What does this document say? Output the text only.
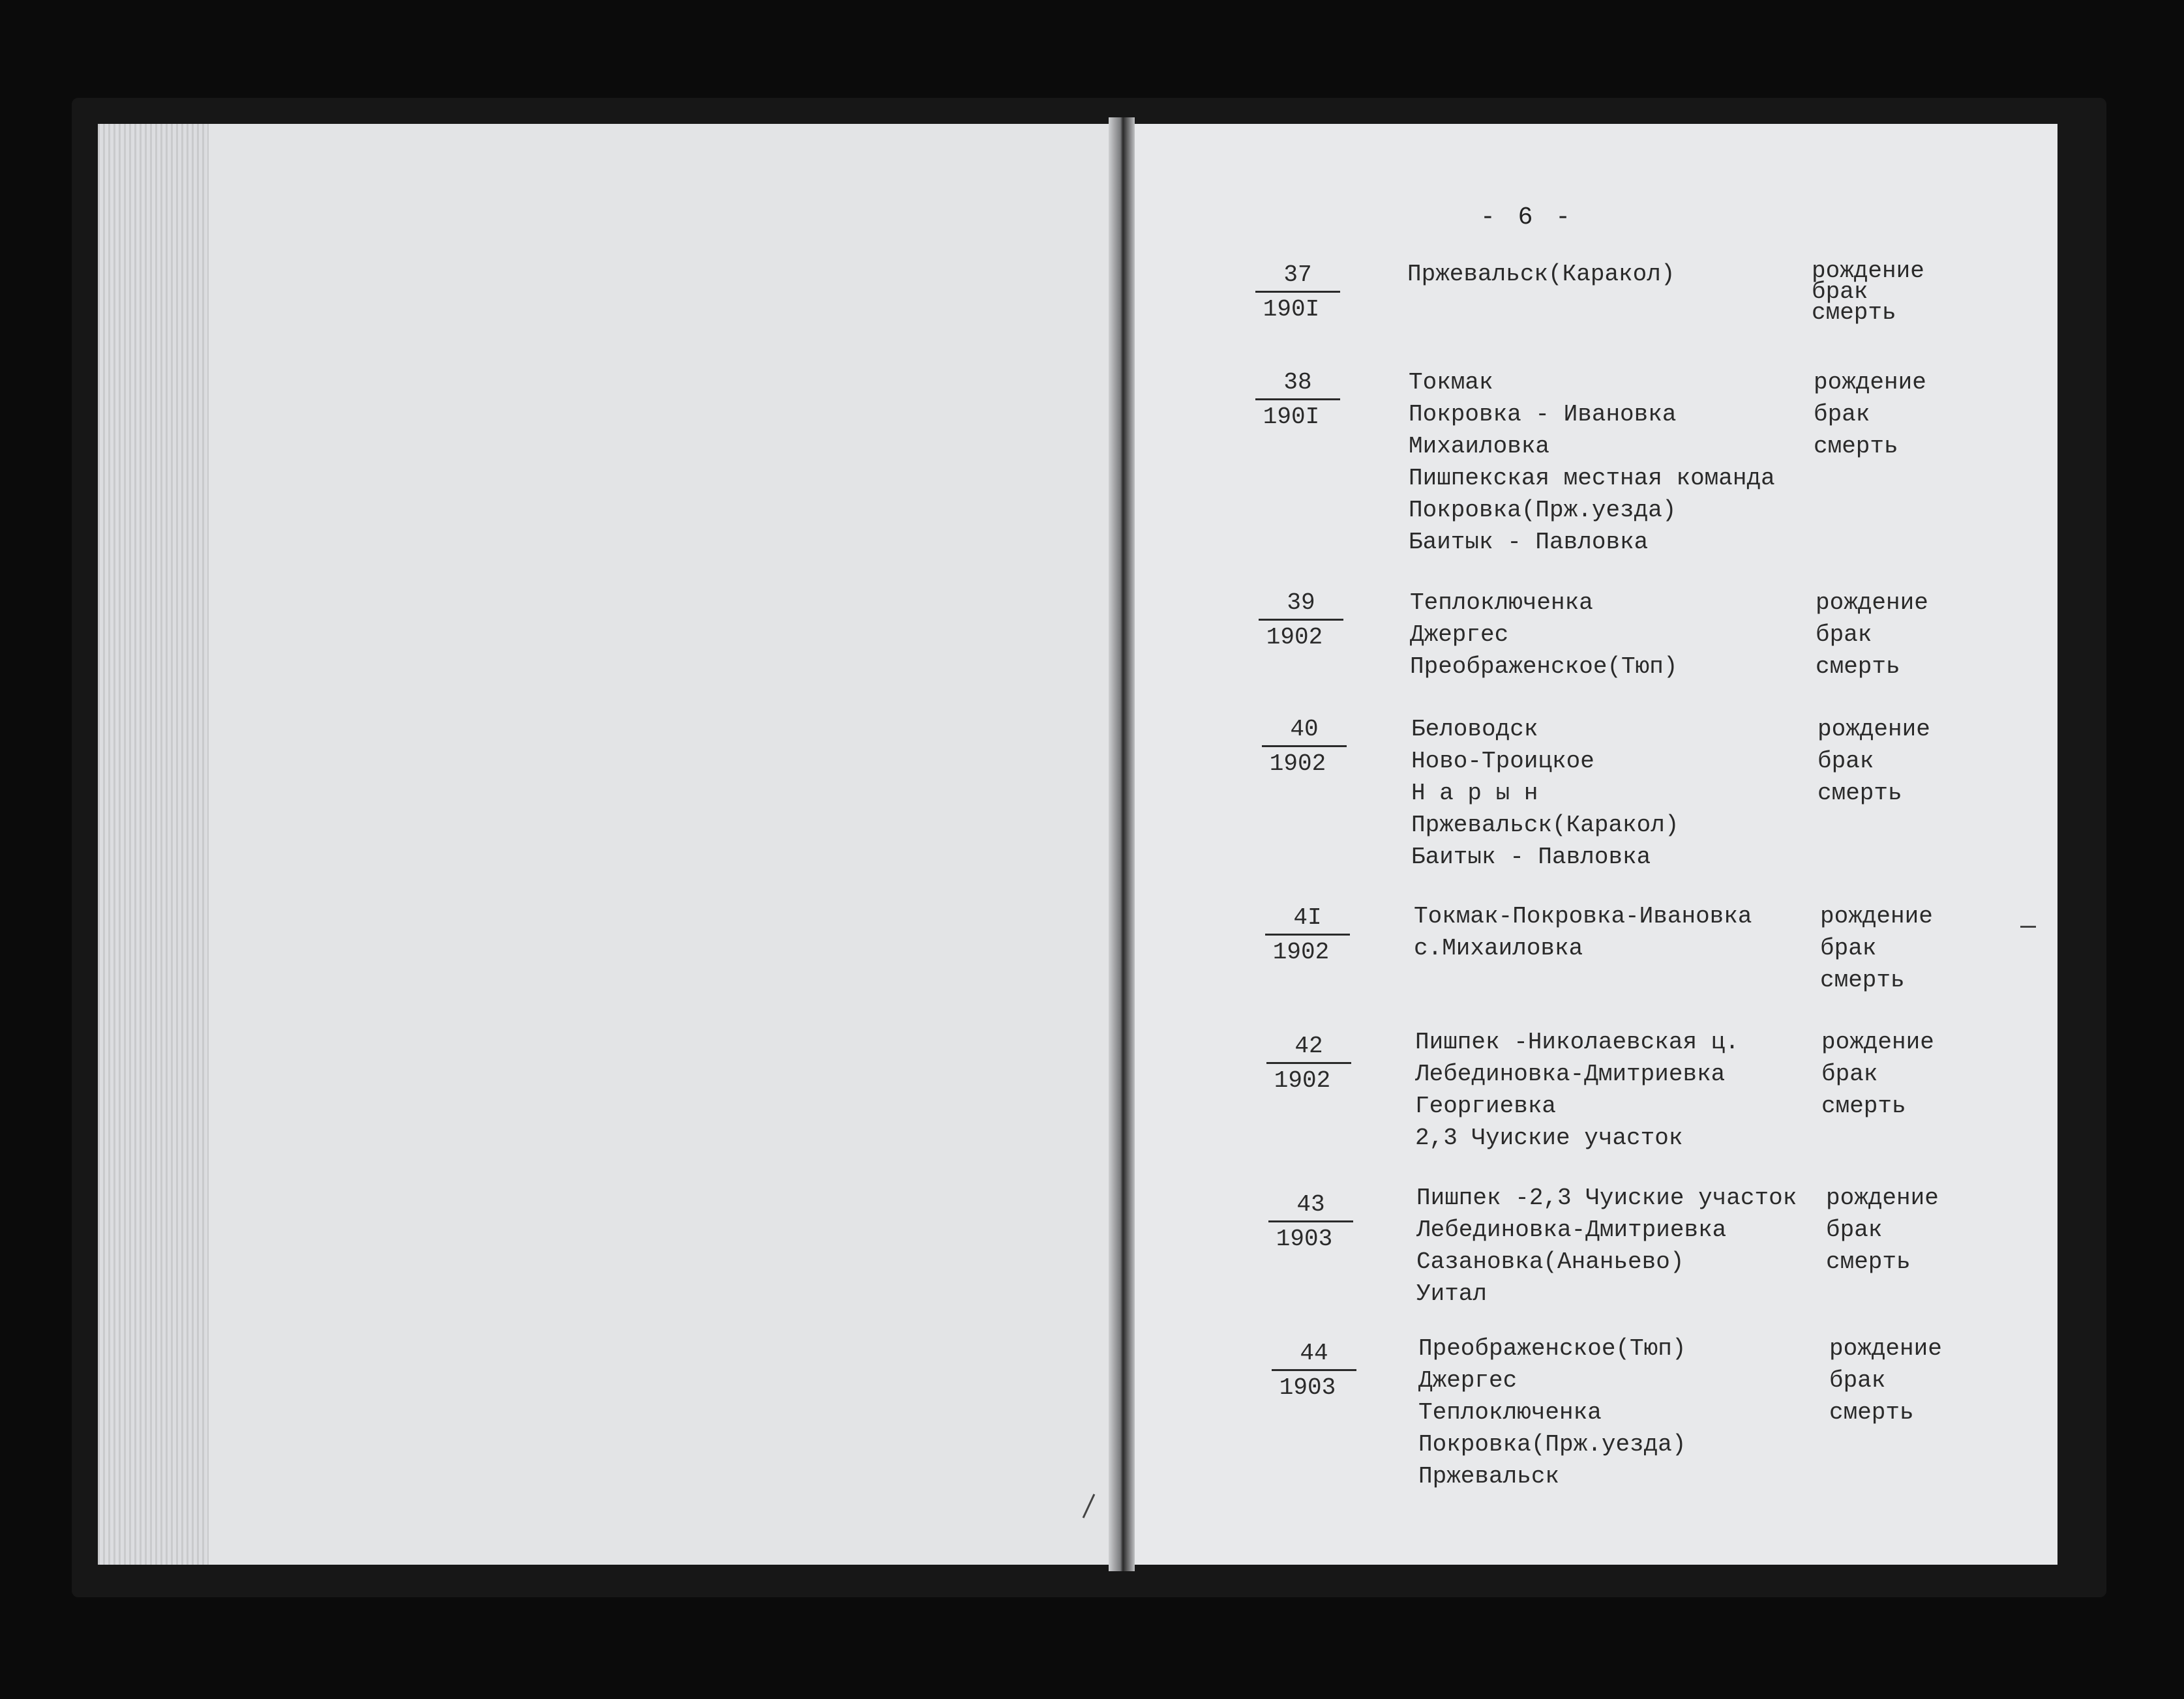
- 6 -
37
190I
Пржевальск(Каракол)	рождение
брак
смерть
38
190I
Токмак
Покровка - Ивановка
Михаиловка
Пишпекская местная команда
Покровка(Прж.уезда)
Баитык - Павловка
рождение
брак
смерть
39
1902
Теплоключенка
Джергес
Преображенское(Тюп)
рождение
брак
смерть
40
1902
Беловодск
Ново-Троицкое
Н а р ы н
Пржевальск(Каракол)
Баитык - Павловка
рождение
брак
смерть
4I
1902
Токмак-Покровка-Ивановка
с.Михаиловка
рождение
брак
смерть
42
1902
Пишпек -Николаевская ц.
Лебединовка-Дмитриевка
Георгиевка
2,3 Чуиские участок
рождение
брак
смерть
43
1903
Пишпек -2,3 Чуиские участок
Лебединовка-Дмитриевка
Сазановка(Ананьево)
Уитал
рождение
брак
смерть
44
1903
Преображенское(Тюп)
Джергес
Теплоключенка
Покровка(Прж.уезда)
Пржевальск
рождение
брак
смерть
